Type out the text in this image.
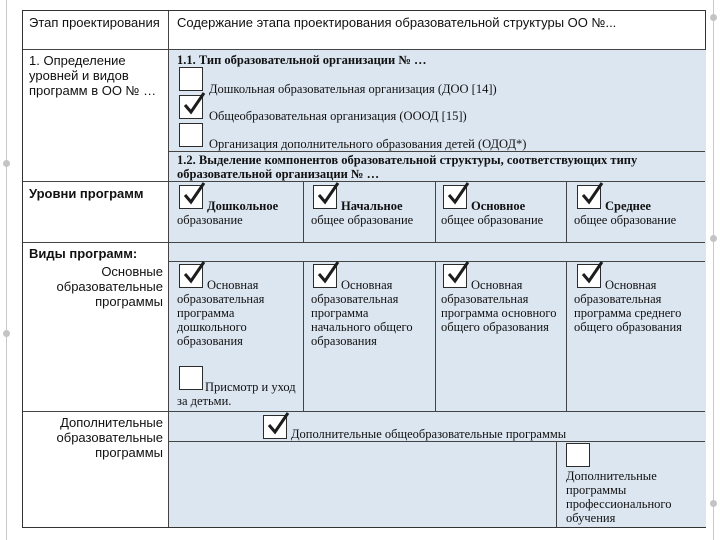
Этап проектирования Содержание этапа проектирования образовательной структуры ОО №...
1. Определение уровней и видов программ в ОО № …
1.1. Тип образовательной организации № …
Дошкольная образовательная организация (ДОО [14])
Общеобразовательная организация (ОООД [15])
Организация дополнительного образования детей (ОДОД*)
1.2. Выделение компонентов образовательной структуры, соответствующих типу образовательной организации № …
Уровни программ
Дошкольное
образование
Начальное
общее образование
Основное
общее образование
Среднее
общее образование
Виды программ:
Основные образовательные программы
Основная
образовательная программа дошкольного образования
Основная
образовательная программа начального общего образования
Основная
образовательная программа основного общего образования
Основная
образовательная программа среднего общего образования
Присмотр и уход за детьми.
Дополнительные образовательные программы
Дополнительные общеобразовательные программы
Дополнительные программы профессионального обучения
